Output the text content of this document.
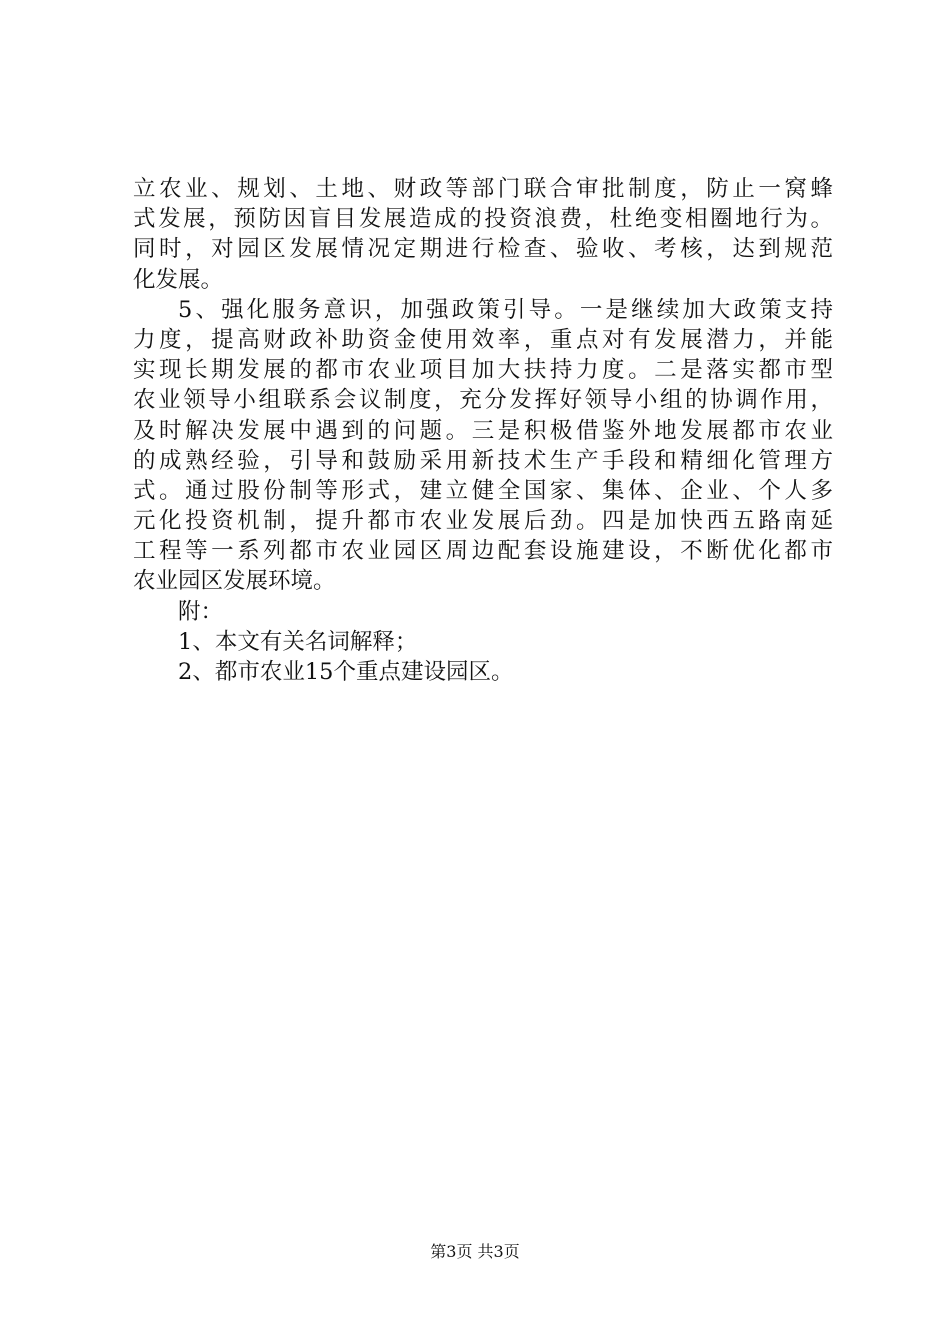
立农业、规划、土地、财政等部门联合审批制度，防止一窝蜂
式发展，预防因盲目发展造成的投资浪费，杜绝变相圈地行为。
同时，对园区发展情况定期进行检查、验收、考核，达到规范
化发展。
5、强化服务意识，加强政策引导。一是继续加大政策支持
力度，提高财政补助资金使用效率，重点对有发展潜力，并能
实现长期发展的都市农业项目加大扶持力度。二是落实都市型
农业领导小组联系会议制度，充分发挥好领导小组的协调作用，
及时解决发展中遇到的问题。三是积极借鉴外地发展都市农业
的成熟经验，引导和鼓励采用新技术生产手段和精细化管理方
式。通过股份制等形式，建立健全国家、集体、企业、个人多
元化投资机制，提升都市农业发展后劲。四是加快西五路南延
工程等一系列都市农业园区周边配套设施建设，不断优化都市
农业园区发展环境。
附：
1、本文有关名词解释；
2、都市农业15个重点建设园区。
第3页 共3页
